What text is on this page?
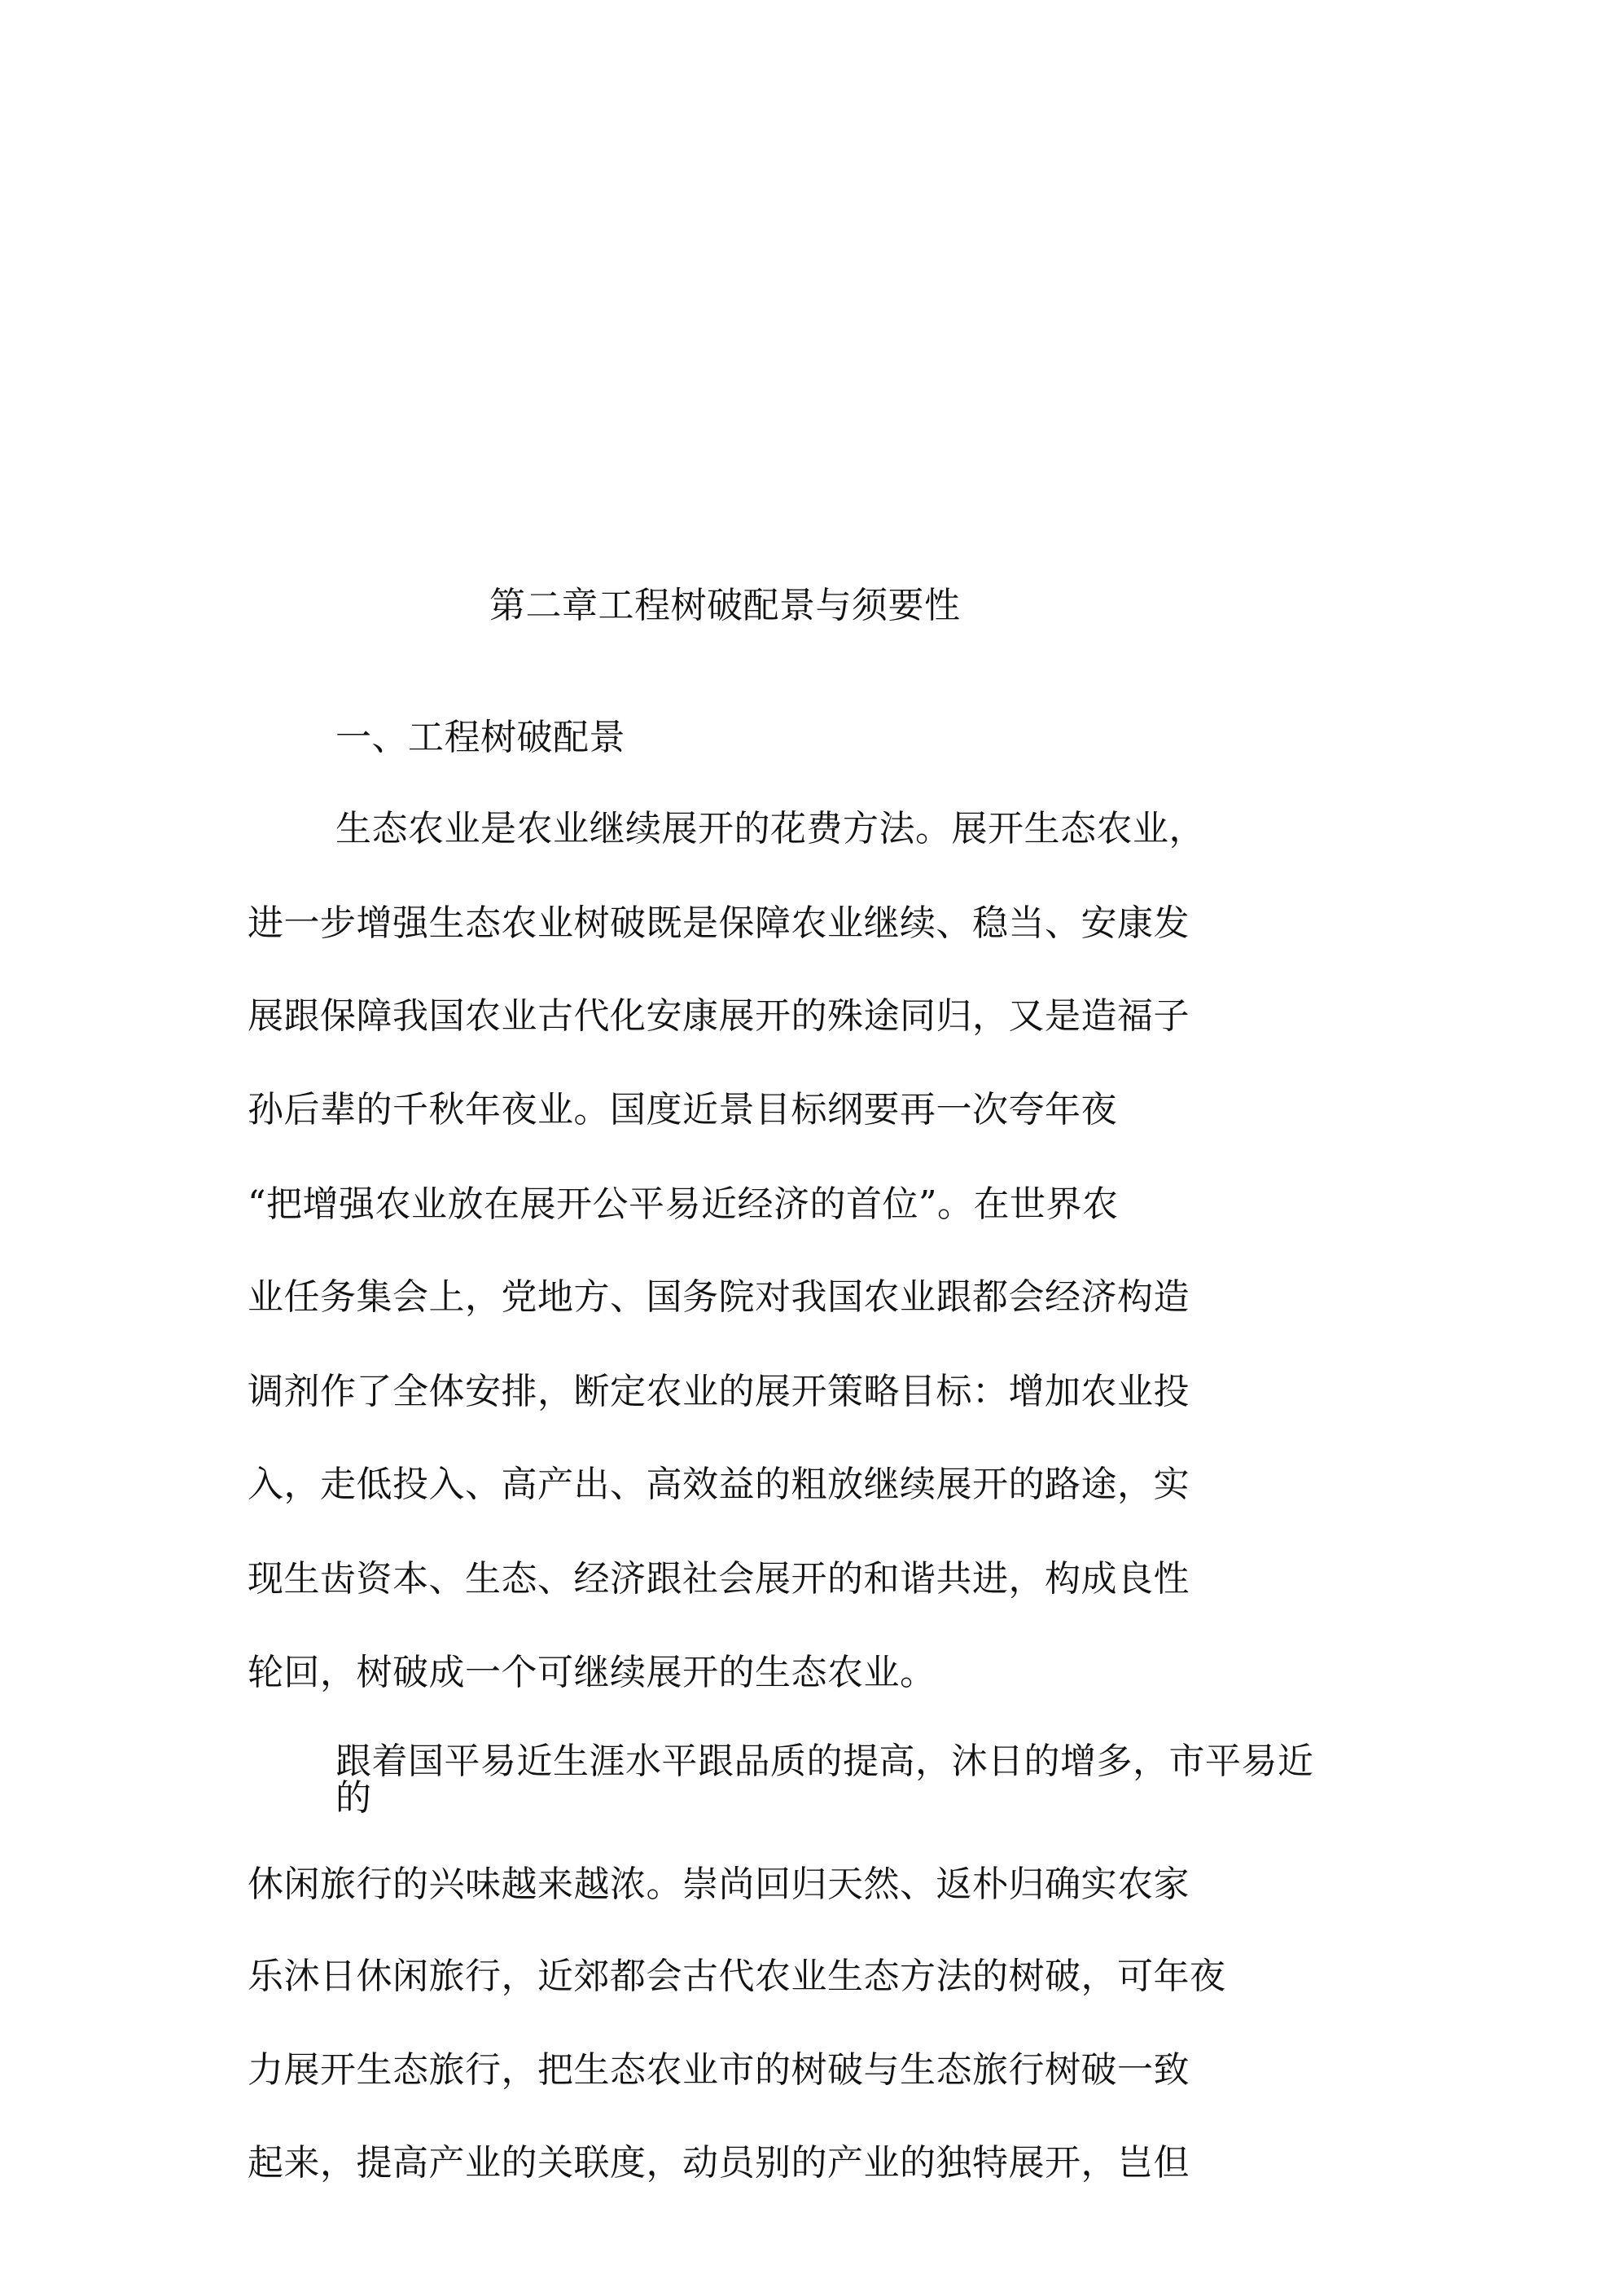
第二章工程树破配景与须要性
一、工程树破配景
生态农业是农业继续展开的花费方法。展开生态农业，
进一步增强生态农业树破既是保障农业继续、稳当、安康发
展跟保障我国农业古代化安康展开的殊途同归，又是造福子
孙后辈的千秋年夜业。国度近景目标纲要再一次夸年夜
“把增强农业放在展开公平易近经济的首位”。在世界农
业任务集会上，党地方、国务院对我国农业跟都会经济构造
调剂作了全体安排，断定农业的展开策略目标：增加农业投
入，走低投入、高产出、高效益的粗放继续展开的路途，实
现生齿资本、生态、经济跟社会展开的和谐共进，构成良性
轮回，树破成一个可继续展开的生态农业。
跟着国平易近生涯水平跟品质的提高，沐日的增多，市平易近
的
休闲旅行的兴味越来越浓。崇尚回归天然、返朴归确实农家
乐沐日休闲旅行，近郊都会古代农业生态方法的树破，可年夜
力展开生态旅行，把生态农业市的树破与生态旅行树破一致
起来，提高产业的关联度，动员别的产业的独特展开，岂但
